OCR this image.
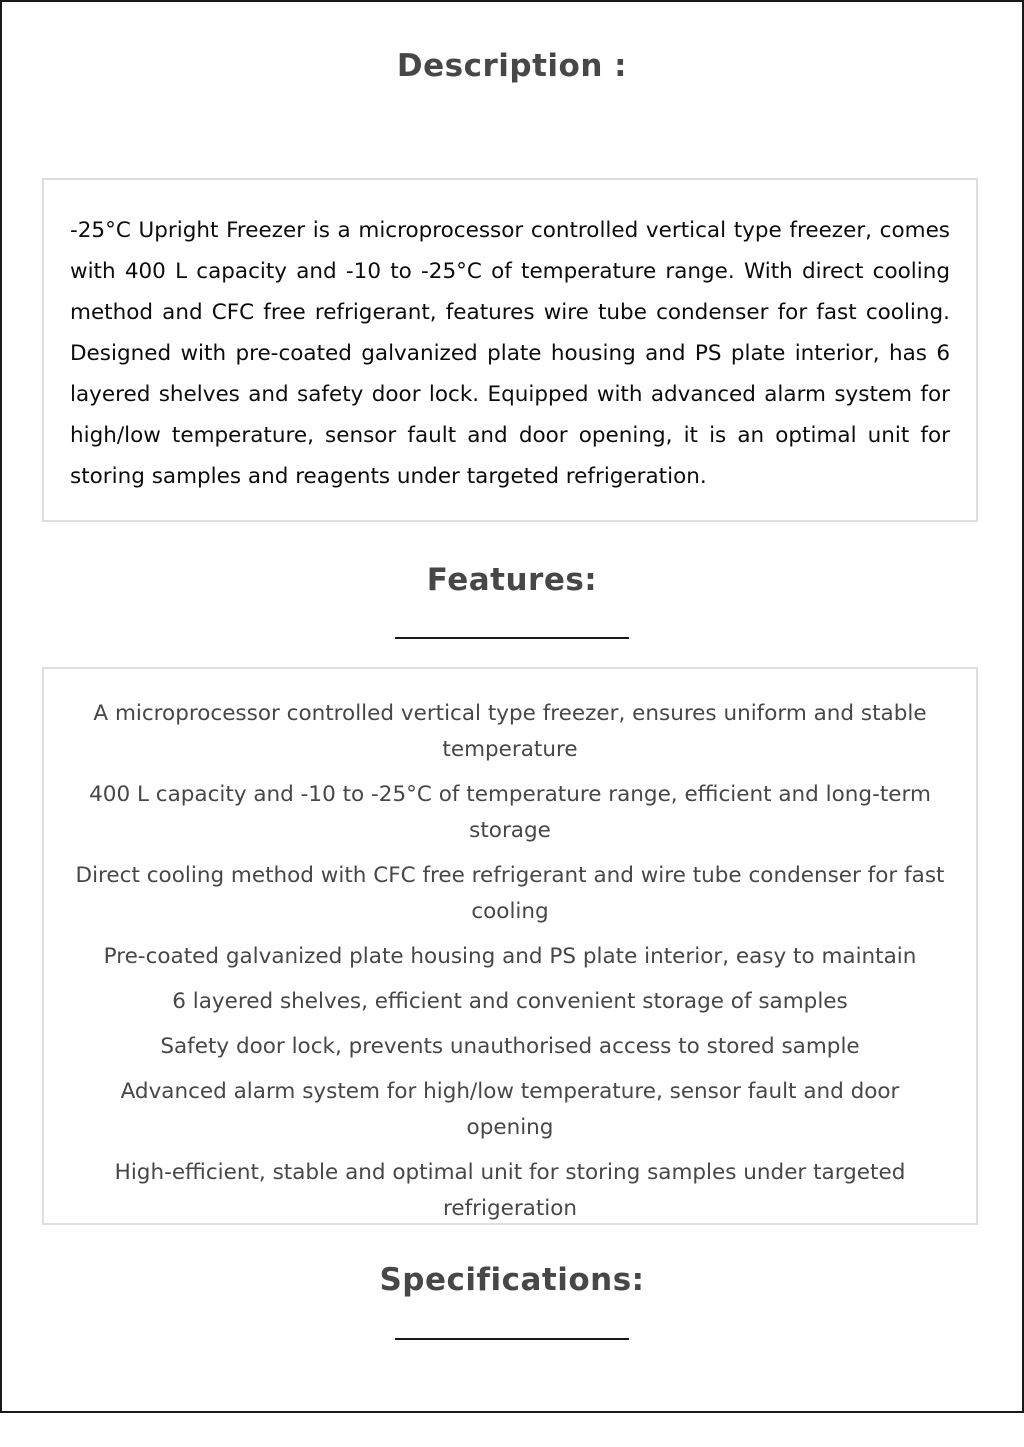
Description :

-25°C Upright Freezer is a microprocessor controlled vertical type freezer, comes with 400 L capacity and -10 to -25°C of temperature range. With direct cooling method and CFC free refrigerant, features wire tube condenser for fast cooling. Designed with pre-coated galvanized plate housing and PS plate interior, has 6 layered shelves and safety door lock. Equipped with advanced alarm system for high/low temperature, sensor fault and door opening, it is an optimal unit for storing samples and reagents under targeted refrigeration.

Features:
A microprocessor controlled vertical type freezer, ensures uniform and stable temperature
400 L capacity and -10 to -25°C of temperature range, efficient and long-term storage
Direct cooling method with CFC free refrigerant and wire tube condenser for fast cooling
Pre-coated galvanized plate housing and PS plate interior, easy to maintain
6 layered shelves, efficient and convenient storage of samples
Safety door lock, prevents unauthorised access to stored sample
Advanced alarm system for high/low temperature, sensor fault and door opening
High-efficient, stable and optimal unit for storing samples under targeted refrigeration
Specifications:
